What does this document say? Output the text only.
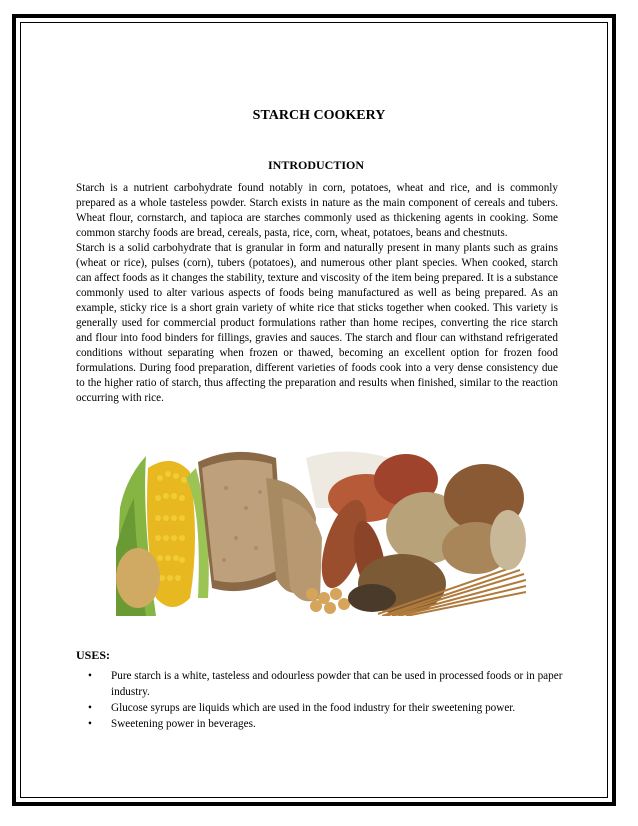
STARCH COOKERY
INTRODUCTION

Starch is a nutrient carbohydrate found notably in corn, potatoes, wheat and rice, and is commonly prepared as a whole tasteless powder. Starch exists in nature as the main component of cereals and tubers. Wheat flour, cornstarch, and tapioca are starches commonly used as thickening agents in cooking. Some common starchy foods are bread, cereals, pasta, rice, corn, wheat, potatoes, beans and chestnuts.

Starch is a solid carbohydrate that is granular in form and naturally present in many plants such as grains (wheat or rice), pulses (corn), tubers (potatoes), and numerous other plant species. When cooked, starch can affect foods as it changes the stability, texture and viscosity of the item being prepared. It is a substance commonly used to alter various aspects of foods being manufactured as well as being prepared. As an example, sticky rice is a short grain variety of white rice that sticks together when cooked. This variety is generally used for commercial product formulations rather than home recipes, converting the rice starch and flour into food binders for fillings, gravies and sauces. The starch and flour can withstand refrigerated conditions without separating when frozen or thawed, becoming an excellent option for frozen food formulations. During food preparation, different varieties of foods cook into a very dense consistency due to the higher ratio of starch, thus affecting the preparation and results when finished, similar to the reaction occurring with rice.

USES:
• Pure starch is a white, tasteless and odourless powder that can be used in processed foods or in paper industry.
• Glucose syrups are liquids which are used in the food industry for their sweetening power.
• Sweetening power in beverages.
